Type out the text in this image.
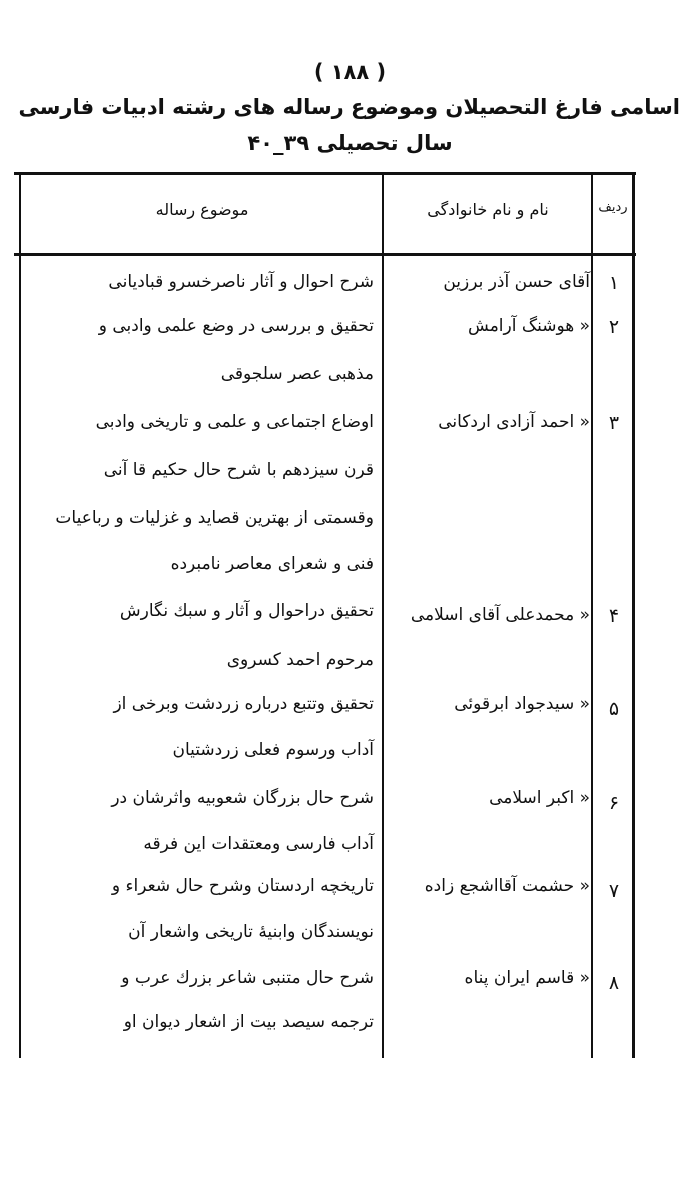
( ۱۸۸ )
اسامی فارغ التحصیلان وموضوع رساله های رشته ادبیات فارسی
سال تحصیلی ۳۹_۴۰
ردیف
نام و نام خانوادگی
موضوع رساله
۱
آقای حسن آذر برزین
شرح احوال و آثار ناصرخسرو قبادیانی
۲
« هوشنگ آرامش
تحقیق و بررسی در وضع علمی وادبی و
مذهبی عصر سلجوقی
۳
« احمد آزادی اردکانی
اوضاع اجتماعی و علمی و تاریخی وادبی
قرن سیزدهم با شرح حال حکیم قا آنی
وقسمتی از بهترین قصاید و غزلیات و رباعیات
فنی و شعرای معاصر نامبرده
۴
« محمدعلی آقای اسلامی
تحقیق دراحوال و آثار و سبك نگارش
مرحوم احمد کسروی
۵
« سیدجواد ابرقوئی
تحقیق وتتبع درباره زردشت وبرخی از
آداب ورسوم فعلی زردشتیان
۶
« اکبر اسلامی
شرح حال بزرگان شعوبیه واثرشان در
آداب فارسی ومعتقدات این فرقه
۷
« حشمت آقااشجع زاده
تاریخچه اردستان وشرح حال شعراء و
نویسندگان وابنیهٔ تاریخی واشعار آن
۸
« قاسم ایران پناه
شرح حال متنبی شاعر بزرك عرب و
ترجمه سیصد بیت از اشعار دیوان او
